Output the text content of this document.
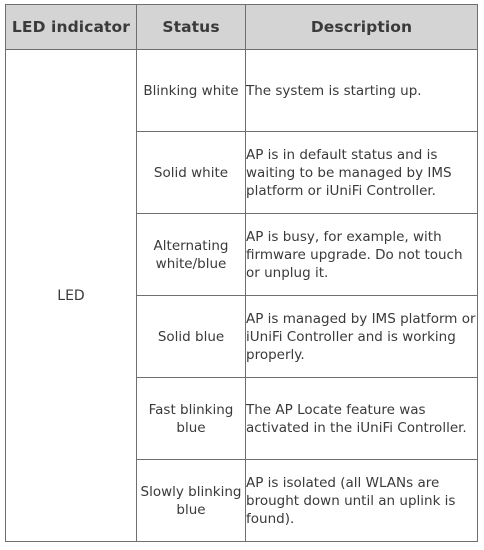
LED indicator	Status	Description
LED	Blinking white	The system is starting up.
	Solid white	AP is in default status and is waiting to be managed by IMS platform or iUniFi Controller.
	Alternating white/blue	AP is busy, for example, with firmware upgrade. Do not touch or unplug it.
	Solid blue	AP is managed by IMS platform or iUniFi Controller and is working properly.
	Fast blinking blue	The AP Locate feature was activated in the iUniFi Controller.
	Slowly blinking blue	AP is isolated (all WLANs are brought down until an uplink is found).
